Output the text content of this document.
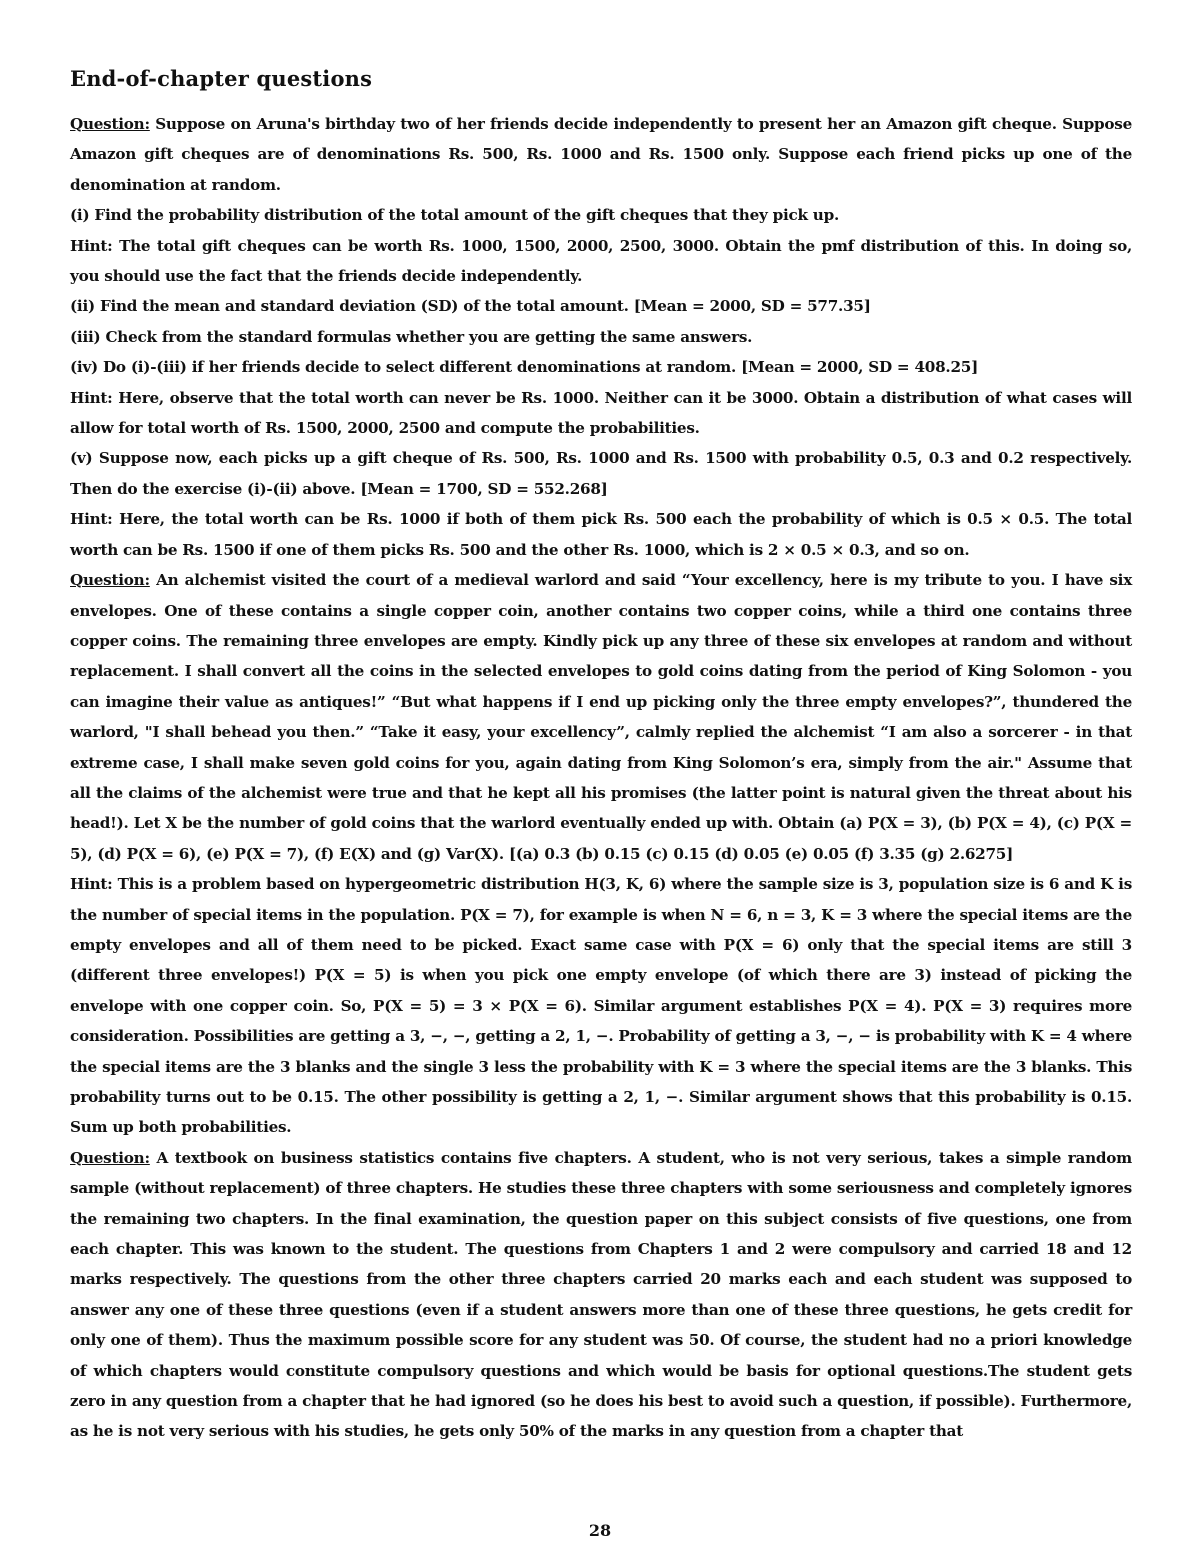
End-of-chapter questions

Question: Suppose on Aruna's birthday two of her friends decide independently to present her an Amazon gift cheque. Suppose Amazon gift cheques are of denominations Rs. 500, Rs. 1000 and Rs. 1500 only. Suppose each friend picks up one of the denomination at random.

(i) Find the probability distribution of the total amount of the gift cheques that they pick up.

Hint: The total gift cheques can be worth Rs. 1000, 1500, 2000, 2500, 3000. Obtain the pmf distribution of this. In doing so, you should use the fact that the friends decide independently.

(ii) Find the mean and standard deviation (SD) of the total amount. [Mean = 2000, SD = 577.35]

(iii) Check from the standard formulas whether you are getting the same answers.

(iv) Do (i)-(iii) if her friends decide to select different denominations at random. [Mean = 2000, SD = 408.25]

Hint: Here, observe that the total worth can never be Rs. 1000. Neither can it be 3000. Obtain a distribution of what cases will allow for total worth of Rs. 1500, 2000, 2500 and compute the probabilities.

(v) Suppose now, each picks up a gift cheque of Rs. 500, Rs. 1000 and Rs. 1500 with probability 0.5, 0.3 and 0.2 respectively. Then do the exercise (i)-(ii) above. [Mean = 1700, SD = 552.268]

Hint: Here, the total worth can be Rs. 1000 if both of them pick Rs. 500 each the probability of which is 0.5 × 0.5. The total worth can be Rs. 1500 if one of them picks Rs. 500 and the other Rs. 1000, which is 2 × 0.5 × 0.3, and so on.

Question: An alchemist visited the court of a medieval warlord and said “Your excellency, here is my tribute to you. I have six envelopes. One of these contains a single copper coin, another contains two copper coins, while a third one contains three copper coins. The remaining three envelopes are empty. Kindly pick up any three of these six envelopes at random and without replacement. I shall convert all the coins in the selected envelopes to gold coins dating from the period of King Solomon - you can imagine their value as antiques!” “But what happens if I end up picking only the three empty envelopes?”, thundered the warlord, "I shall behead you then.” “Take it easy, your excellency”, calmly replied the alchemist “I am also a sorcerer - in that extreme case, I shall make seven gold coins for you, again dating from King Solomon’s era, simply from the air." Assume that all the claims of the alchemist were true and that he kept all his promises (the latter point is natural given the threat about his head!). Let X be the number of gold coins that the warlord eventually ended up with. Obtain (a) P(X = 3), (b) P(X = 4), (c) P(X = 5), (d) P(X = 6), (e) P(X = 7), (f) E(X) and (g) Var(X). [(a) 0.3 (b) 0.15 (c) 0.15 (d) 0.05 (e) 0.05 (f) 3.35 (g) 2.6275]

Hint: This is a problem based on hypergeometric distribution H(3, K, 6) where the sample size is 3, population size is 6 and K is the number of special items in the population. P(X = 7), for example is when N = 6, n = 3, K = 3 where the special items are the empty envelopes and all of them need to be picked. Exact same case with P(X = 6) only that the special items are still 3 (different three envelopes!) P(X = 5) is when you pick one empty envelope (of which there are 3) instead of picking the envelope with one copper coin. So, P(X = 5) = 3 × P(X = 6). Similar argument establishes P(X = 4). P(X = 3) requires more consideration. Possibilities are getting a 3, −, −, getting a 2, 1, −. Probability of getting a 3, −, − is probability with K = 4 where the special items are the 3 blanks and the single 3 less the probability with K = 3 where the special items are the 3 blanks. This probability turns out to be 0.15. The other possibility is getting a 2, 1, −. Similar argument shows that this probability is 0.15. Sum up both probabilities.

Question: A textbook on business statistics contains five chapters. A student, who is not very serious, takes a simple random sample (without replacement) of three chapters. He studies these three chapters with some seriousness and completely ignores the remaining two chapters. In the final examination, the question paper on this subject consists of five questions, one from each chapter. This was known to the student. The questions from Chapters 1 and 2 were compulsory and carried 18 and 12 marks respectively. The questions from the other three chapters carried 20 marks each and each student was supposed to answer any one of these three questions (even if a student answers more than one of these three questions, he gets credit for only one of them). Thus the maximum possible score for any student was 50. Of course, the student had no a priori knowledge of which chapters would constitute compulsory questions and which would be basis for optional questions.The student gets zero in any question from a chapter that he had ignored (so he does his best to avoid such a question, if possible). Furthermore, as he is not very serious with his studies, he gets only 50% of the marks in any question from a chapter that

28
